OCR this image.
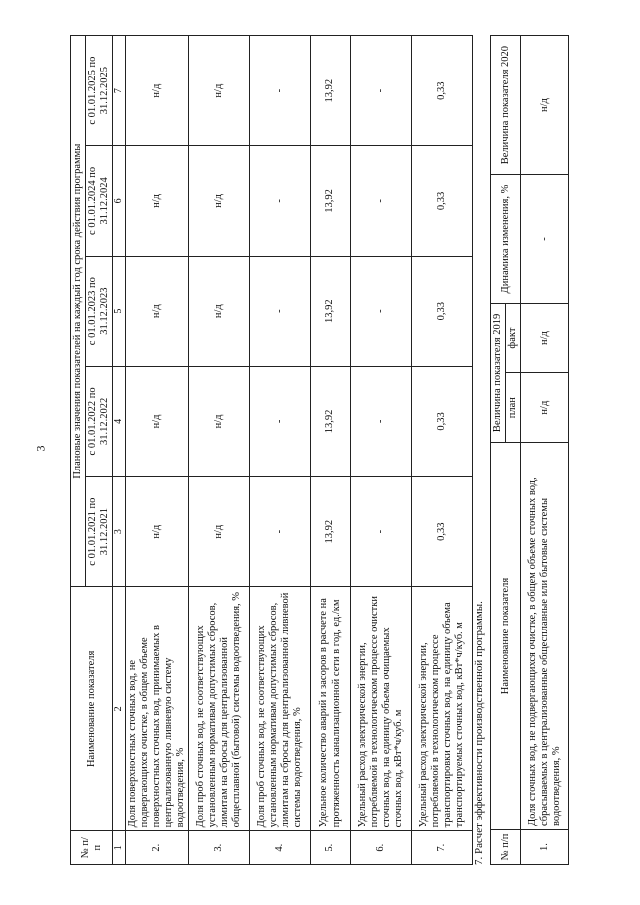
3
№ п/п	Наименование показателя	Плановые значения показателей на каждый год срока действия программы				
		с 01.01.2021 по 31.12.2021	с 01.01.2022 по 31.12.2022	с 01.01.2023 по 31.12.2023	с 01.01.2024 по 31.12.2024	с 01.01.2025 по 31.12.2025
1	2	3	4	5	6	7
2.	Доля поверхностных сточных вод, не подвергающихся очистке, в общем объеме поверхностных сточных вод, принимаемых в централизованную ливневую систему водоотведения, %	н/д	н/д	н/д	н/д	н/д
3.	Доля проб сточных вод, не соответствующих установленным нормативам допустимых сбросов, лимитам на сбросы для централизованной общесплавной (бытовой) системы водоотведения, %	н/д	н/д	н/д	н/д	н/д
4.	Доля проб сточных вод, не соответствующих установленным нормативам допустимых сбросов, лимитам на сбросы для централизованной ливневой системы водоотведения, %	-	-	-	-	-
5.	Удельное количество аварий и засоров в расчете на протяженность канализационной сети в год, ед./км	13,92	13,92	13,92	13,92	13,92
6.	Удельный расход электрической энергии, потребляемой в технологическом процессе очистки сточных вод, на единицу объема очищаемых сточных вод, кВт*ч/куб. м	-	-	-	-	-
7.	Удельный расход электрической энергии, потребляемой в технологическом процессе транспортировки сточных вод, на единицу объема транспортируемых сточных вод, кВт*ч/куб. м	0,33	0,33	0,33	0,33	0,33
7. Расчет эффективности производственной программы. № п/п	Наименование показателя	Величина показателя 2019		Динамика изменения, %	Величина показателя 2020
		план	факт		
1.	Доля сточных вод, не подвергающихся очистке, в общем объеме сточных вод, сбрасываемых в централизованные общесплавные или бытовые системы водоотведения, %	н/д	н/д	-	н/д
